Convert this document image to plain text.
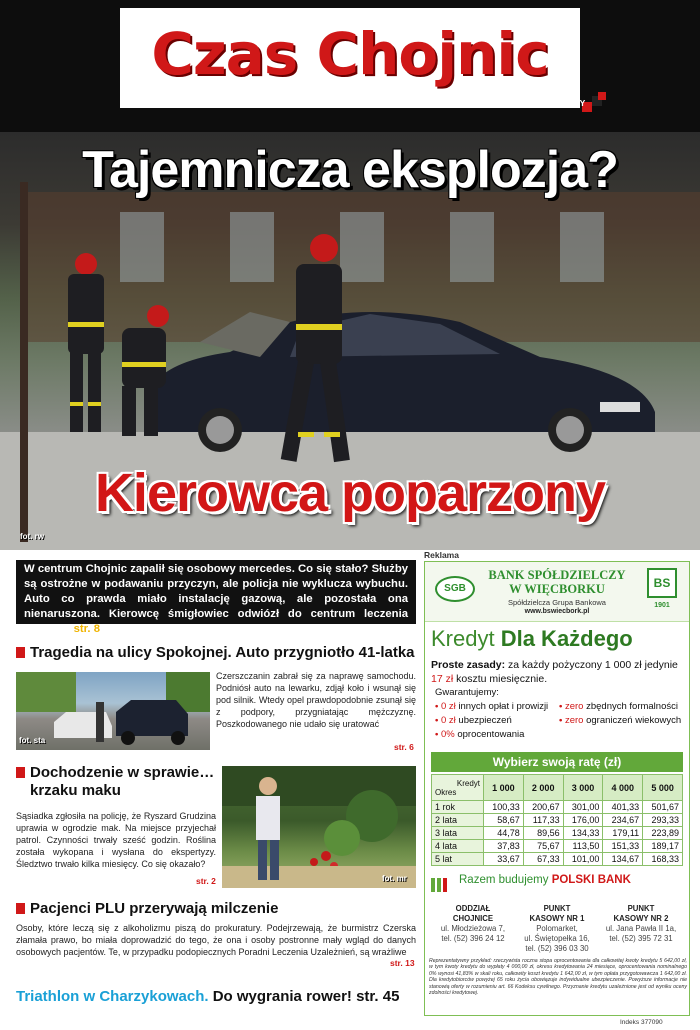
Czas Chojnic
11 czerwca 2015 roku nr 23/676 ISSN 1734-0128 cena 3,30 zł (5% VAT)	TYGODNIK LOKALNY
Tajemnicza eksplozja?
Kierowca poparzony
fot. rw
W centrum Chojnic zapalił się osobowy mercedes. Co się stało? Służby są ostrożne w podawaniu przyczyn, ale policja nie wyklucza wybuchu. Auto co prawda miało instalację gazową, ale pozostała ona nienaruszona. Kierowcę śmigłowiec odwiózł do centrum leczenia oparzeń. str. 8
Tragedia na ulicy Spokojnej. Auto przygniotło 41-latka
fot. sta
Czerszczanin zabrał się za naprawę samochodu. Podniósł auto na lewarku, zdjął koło i wsunął się pod silnik. Wtedy opel prawdopodobnie zsunął się z podpory, przygniatając mężczyznę. Poszkodowanego nie udało się uratować
str. 6
Dochodzenie w sprawie…
krzaku maku
Sąsiadka zgłosiła na policję, że Ryszard Grudzina uprawia w ogrodzie mak. Na miejsce przyjechał patrol. Czynności trwały sześć godzin. Roślina została wykopana i wysłana do ekspertyzy. Śledztwo trwało kilka miesięcy. Co się okazało?
str. 2	fot. mr
Pacjenci PLU przerywają milczenie
Osoby, które leczą się z alkoholizmu piszą do prokuratury. Podejrzewają, że burmistrz Czerska złamała prawo, bo miała doprowadzić do tego, że ona i osoby postronne mały wgląd do danych osobowych pacjentów. Te, w przypadku podopiecznych Poradni Leczenia Uzależnień, są wrażliwe
str. 13
Triathlon w Charzykowach. Do wygrania rower! str. 45
Reklama
SGB
BANK SPÓŁDZIELCZY
W WIĘCBORKU
Spółdzielcza Grupa Bankowa
www.bswiecbork.pl
BS
1901
Kredyt Dla Każdego
Proste zasady: za każdy pożyczony 1 000 zł jedynie 17 zł kosztu miesięcznie.
Gwarantujemy:
• 0 zł innych opłat i prowizji
• 0 zł ubezpieczeń
• 0% oprocentowania
• zero zbędnych formalności
• zero ograniczeń wiekowych
Wybierz swoją ratę (zł)
Kredyt
Okres	1 000	2 000	3 000	4 000	5 000
1 rok	100,33	200,67	301,00	401,33	501,67
2 lata	58,67	117,33	176,00	234,67	293,33
3 lata	44,78	89,56	134,33	179,11	223,89
4 lata	37,83	75,67	113,50	151,33	189,17
5 lat	33,67	67,33	101,00	134,67	168,33
Razem budujemy POLSKI BANK
ODDZIAŁ
CHOJNICE
ul. Młodzieżowa 7,
tel. (52) 396 24 12
PUNKT
KASOWY NR 1
Polomarket,
ul. Świętopełka 16,
tel. (52) 396 03 30
PUNKT
KASOWY NR 2
ul. Jana Pawła II 1a,
tel. (52) 395 72 31
Reprezentatywny przykład: rzeczywista roczna stopa oprocentowania dla całkowitej kwoty kredytu 5 642,00 zł, w tym kwoty kredytu do wypłaty 4 000,00 zł, okresu kredytowania 24 miesiące, oprocentowania nominalnego 0% wynosi 41,83% w skali roku, całkowity koszt kredytu 1 642,00 zł, w tym opłata przygotowawcza 1 642,00 zł. Dla kredytobiorców powyżej 65 roku życia obowiązuje indywidualne ubezpieczenie. Powyższe informacje nie stanowią oferty w rozumieniu art. 66 Kodeksu cywilnego. Przyznanie kredytu uzależnione jest od wyniku oceny zdolności kredytowej.
Indeks 377090
